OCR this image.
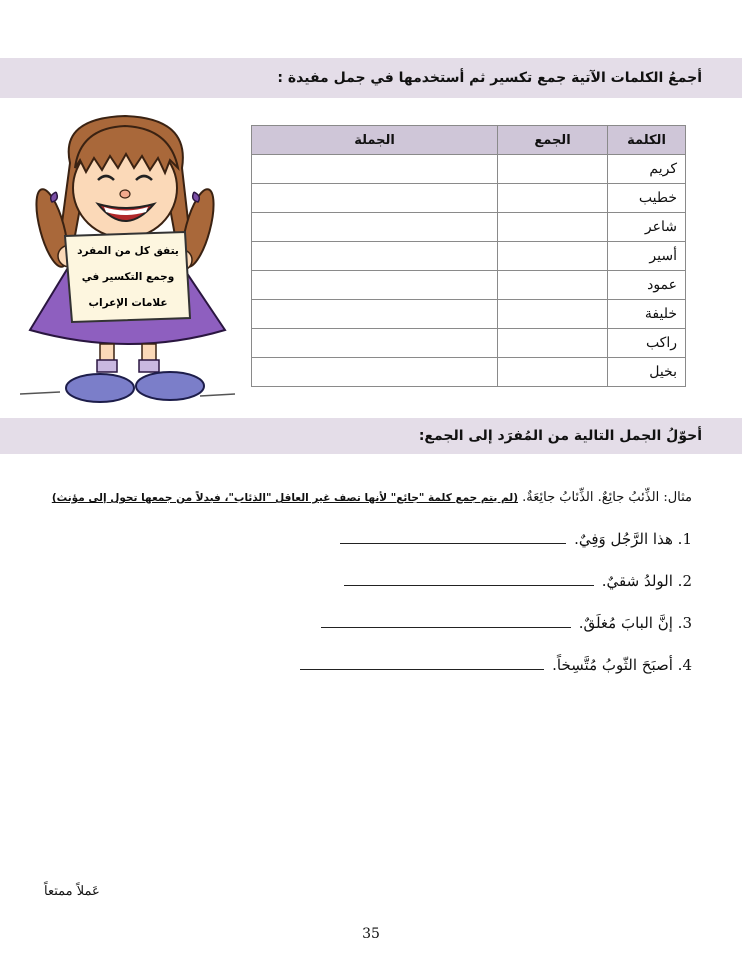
أجمعُ الكلمات الآتية جمع تكسير ثم أستخدمها في جمل مفيدة :
يتفق كل من المفرد
وجمع التكسير في
علامات الإعراب
الكلمة	الجمع	الجملة
كريم		
خطيب		
شاعر		
أسير		
عمود		
خليفة		
راكب		
بخيل		
أحوّلُ الجمل التالية من المُفرَد إلى الجمع:
مثال: الذِّئبُ جائِعٌ. الذِّئابُ جائِعَةٌ. (لم يتم جمع كلمة "جائع" لأنها تصف غير العاقل "الذئاب"، فبدلاً من جمعها تحول إلى مؤنث)
1.

هذا الرَّجُل وَفِيٌ.
2.

الولدُ شقيٌ.
3.

إنَّ البابَ مُغلَقٌ.
4.

أصبَحَ الثّوبُ مُتَّسِخاً.
عَملاً ممتعاً
35
